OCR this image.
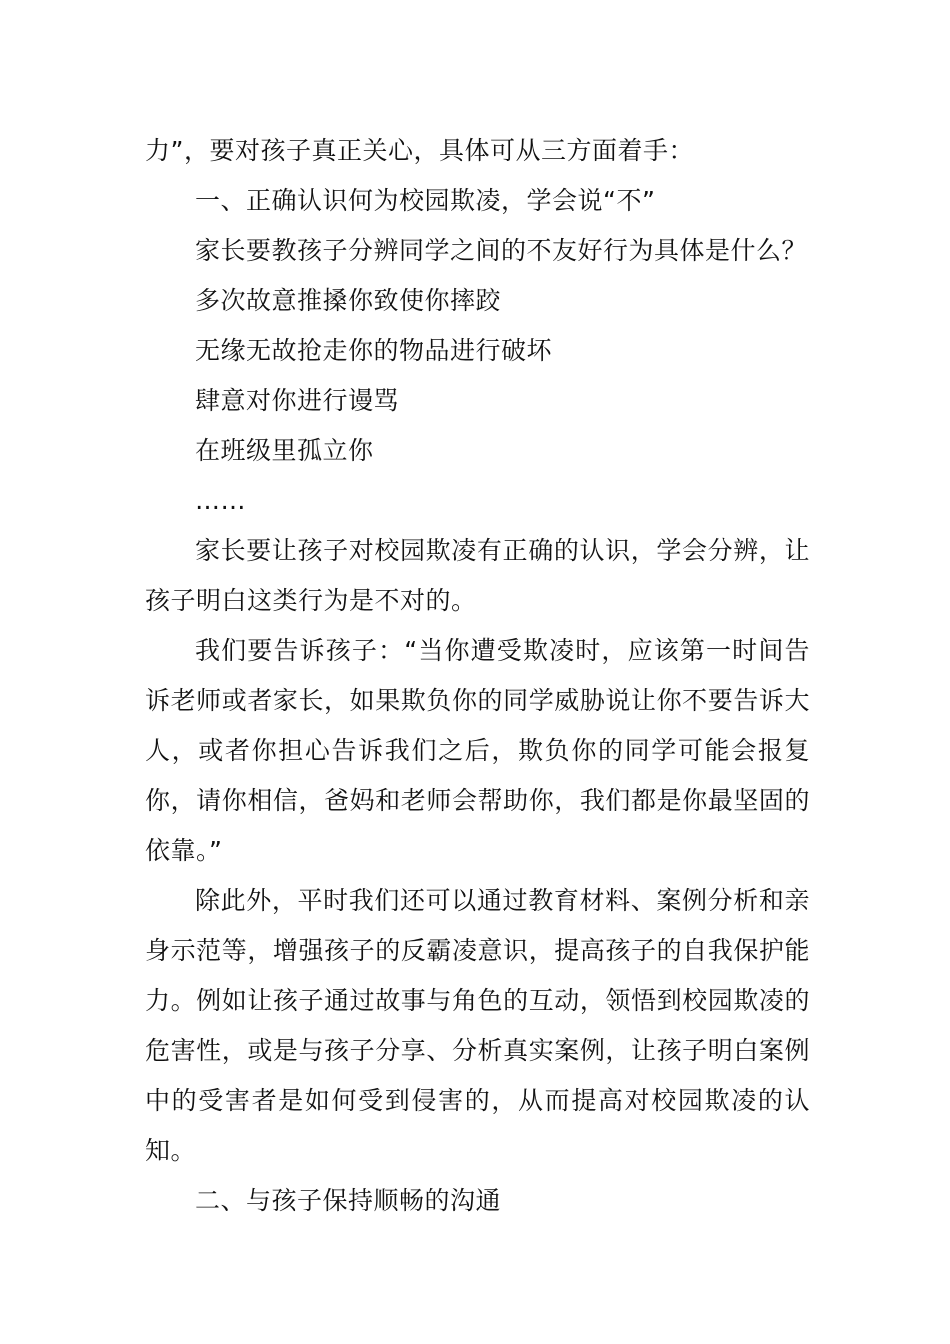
力”，要对孩子真正关心，具体可从三方面着手：

一、正确认识何为校园欺凌，学会说“不”

家长要教孩子分辨同学之间的不友好行为具体是什么？

多次故意推搡你致使你摔跤

无缘无故抢走你的物品进行破坏

肆意对你进行谩骂

在班级里孤立你

……

家长要让孩子对校园欺凌有正确的认识，学会分辨，让孩子明白这类行为是不对的。

我们要告诉孩子：“当你遭受欺凌时，应该第一时间告诉老师或者家长，如果欺负你的同学威胁说让你不要告诉大人，或者你担心告诉我们之后，欺负你的同学可能会报复你，请你相信，爸妈和老师会帮助你，我们都是你最坚固的依靠。”

除此外，平时我们还可以通过教育材料、案例分析和亲身示范等，增强孩子的反霸凌意识，提高孩子的自我保护能力。例如让孩子通过故事与角色的互动，领悟到校园欺凌的危害性，或是与孩子分享、分析真实案例，让孩子明白案例中的受害者是如何受到侵害的，从而提高对校园欺凌的认知。

二、与孩子保持顺畅的沟通
